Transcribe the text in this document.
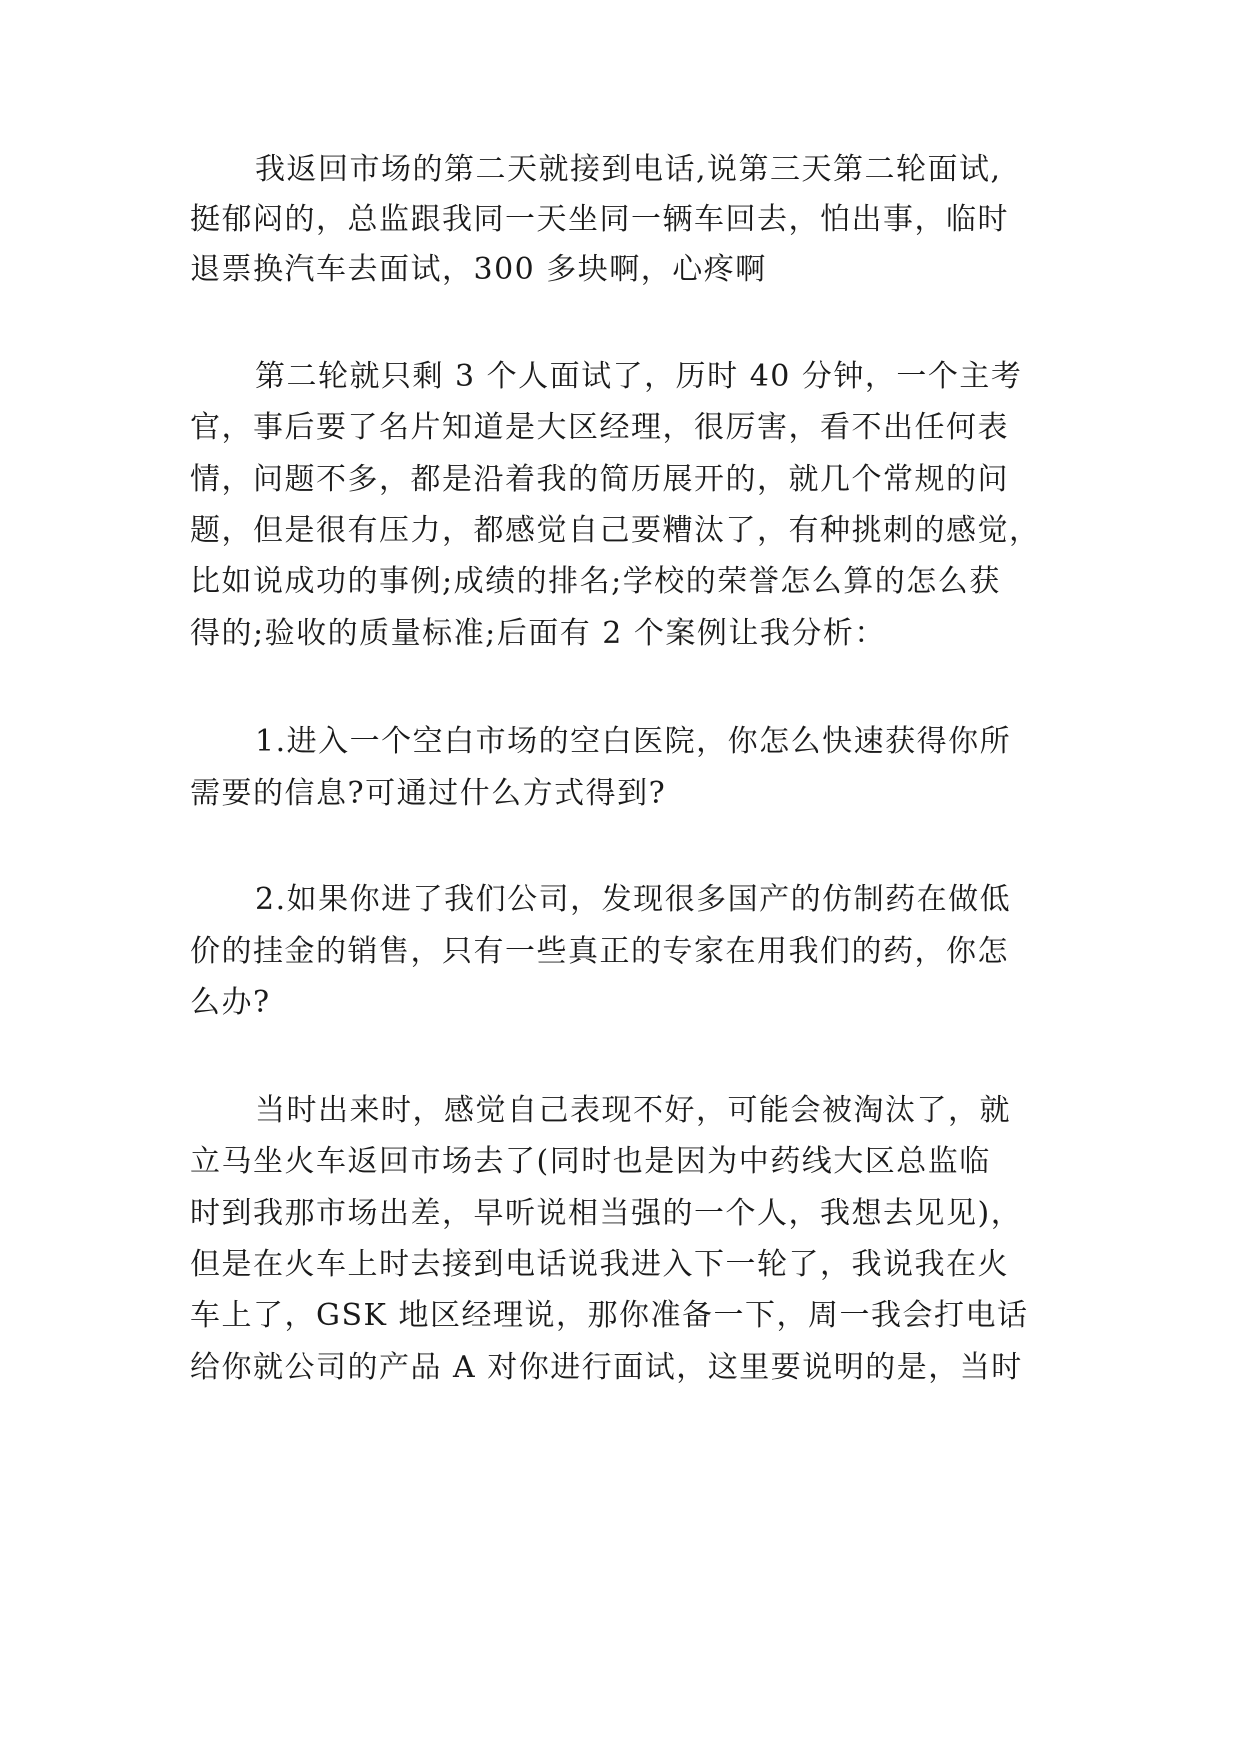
我返回市场的第二天就接到电话,说第三天第二轮面试,

挺郁闷的，总监跟我同一天坐同一辆车回去，怕出事，临时

退票换汽车去面试，300 多块啊，心疼啊

第二轮就只剩 3 个人面试了，历时 40 分钟，一个主考

官，事后要了名片知道是大区经理，很厉害，看不出任何表

情，问题不多，都是沿着我的简历展开的，就几个常规的问

题，但是很有压力，都感觉自己要糟汰了，有种挑刺的感觉，

比如说成功的事例;成绩的排名;学校的荣誉怎么算的怎么获

得的;验收的质量标准;后面有 2 个案例让我分析：

1.进入一个空白市场的空白医院，你怎么快速获得你所

需要的信息?可通过什么方式得到?

2.如果你进了我们公司，发现很多国产的仿制药在做低

价的挂金的销售，只有一些真正的专家在用我们的药，你怎

么办?

当时出来时，感觉自己表现不好，可能会被淘汰了，就

立马坐火车返回市场去了(同时也是因为中药线大区总监临

时到我那市场出差，早听说相当强的一个人，我想去见见)，

但是在火车上时去接到电话说我进入下一轮了，我说我在火

车上了，GSK 地区经理说，那你准备一下，周一我会打电话

给你就公司的产品 A 对你进行面试，这里要说明的是，当时
